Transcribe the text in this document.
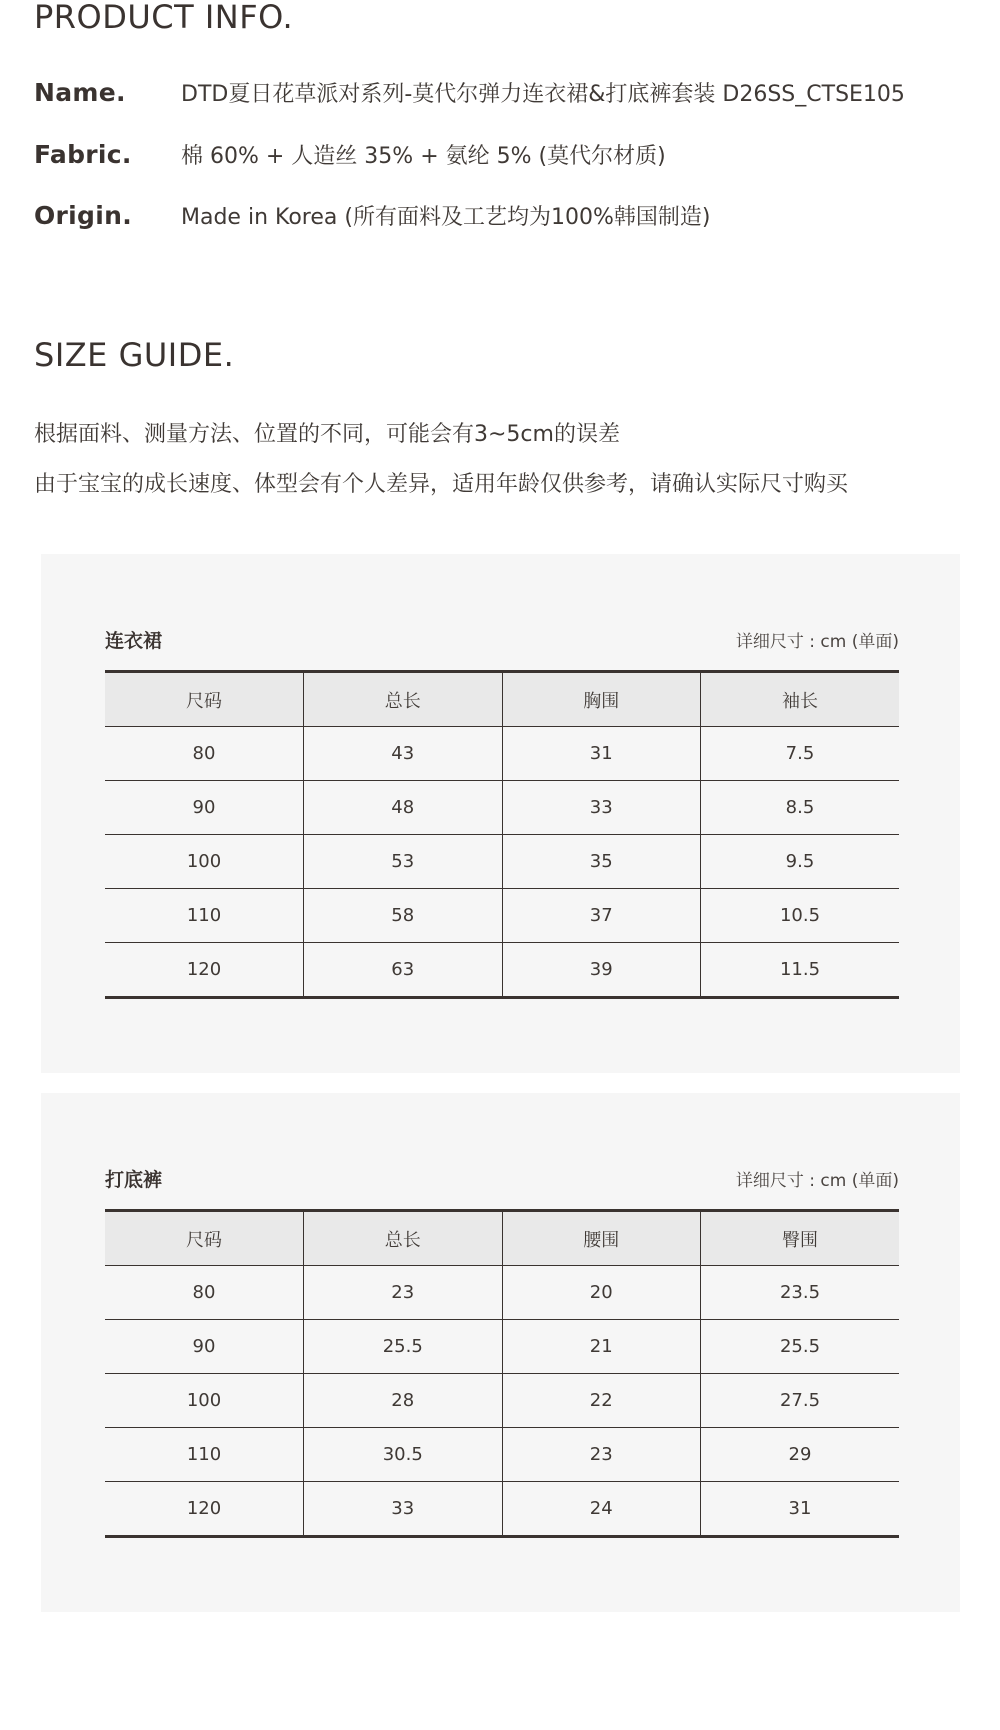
PRODUCT INFO.
Name.	DTD夏日花草派对系列-莫代尔弹力连衣裙&打底裤套装 D26SS_CTSE105
Fabric.	棉 60% + 人造丝 35% + 氨纶 5% (莫代尔材质)
Origin.	Made in Korea (所有面料及工艺均为100%韩国制造)
SIZE GUIDE.
根据面料、测量方法、位置的不同，可能会有3~5cm的误差
由于宝宝的成长速度、体型会有个人差异，适用年龄仅供参考，请确认实际尺寸购买
连衣裙	详细尺寸 : cm (单面)
尺码	总长	胸围	袖长
80	43	31	7.5
90	48	33	8.5
100	53	35	9.5
110	58	37	10.5
120	63	39	11.5
打底裤	详细尺寸 : cm (单面)
尺码	总长	腰围	臀围
80	23	20	23.5
90	25.5	21	25.5
100	28	22	27.5
110	30.5	23	29
120	33	24	31
